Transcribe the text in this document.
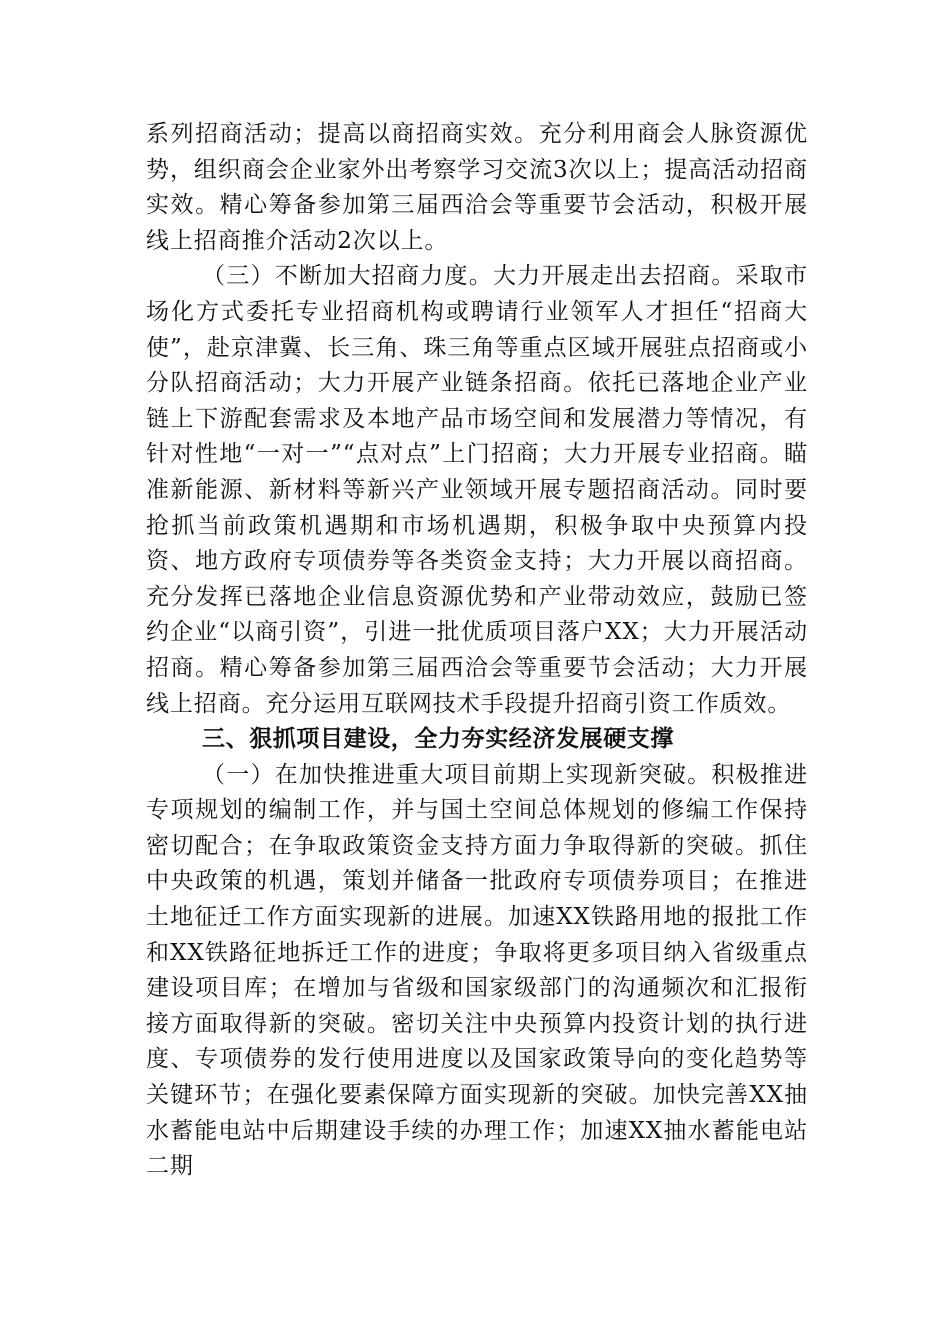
系列招商活动；提高以商招商实效。充分利用商会人脉资源优势，组织商会企业家外出考察学习交流3次以上；提高活动招商实效。精心筹备参加第三届西洽会等重要节会活动，积极开展线上招商推介活动2次以上。

（三）不断加大招商力度。大力开展走出去招商。采取市场化方式委托专业招商机构或聘请行业领军人才担任“招商大使”，赴京津冀、长三角、珠三角等重点区域开展驻点招商或小分队招商活动；大力开展产业链条招商。依托已落地企业产业链上下游配套需求及本地产品市场空间和发展潜力等情况，有针对性地“一对一”“点对点”上门招商；大力开展专业招商。瞄准新能源、新材料等新兴产业领域开展专题招商活动。同时要抢抓当前政策机遇期和市场机遇期，积极争取中央预算内投资、地方政府专项债券等各类资金支持；大力开展以商招商。充分发挥已落地企业信息资源优势和产业带动效应，鼓励已签约企业“以商引资”，引进一批优质项目落户XX；大力开展活动招商。精心筹备参加第三届西洽会等重要节会活动；大力开展线上招商。充分运用互联网技术手段提升招商引资工作质效。

三、狠抓项目建设，全力夯实经济发展硬支撑

（一）在加快推进重大项目前期上实现新突破。积极推进专项规划的编制工作，并与国土空间总体规划的修编工作保持密切配合；在争取政策资金支持方面力争取得新的突破。抓住中央政策的机遇，策划并储备一批政府专项债券项目；在推进土地征迁工作方面实现新的进展。加速XX铁路用地的报批工作和XX铁路征地拆迁工作的进度；争取将更多项目纳入省级重点建设项目库；在增加与省级和国家级部门的沟通频次和汇报衔接方面取得新的突破。密切关注中央预算内投资计划的执行进度、专项债券的发行使用进度以及国家政策导向的变化趋势等关键环节；在强化要素保障方面实现新的突破。加快完善XX抽水蓄能电站中后期建设手续的办理工作；加速XX抽水蓄能电站二期
